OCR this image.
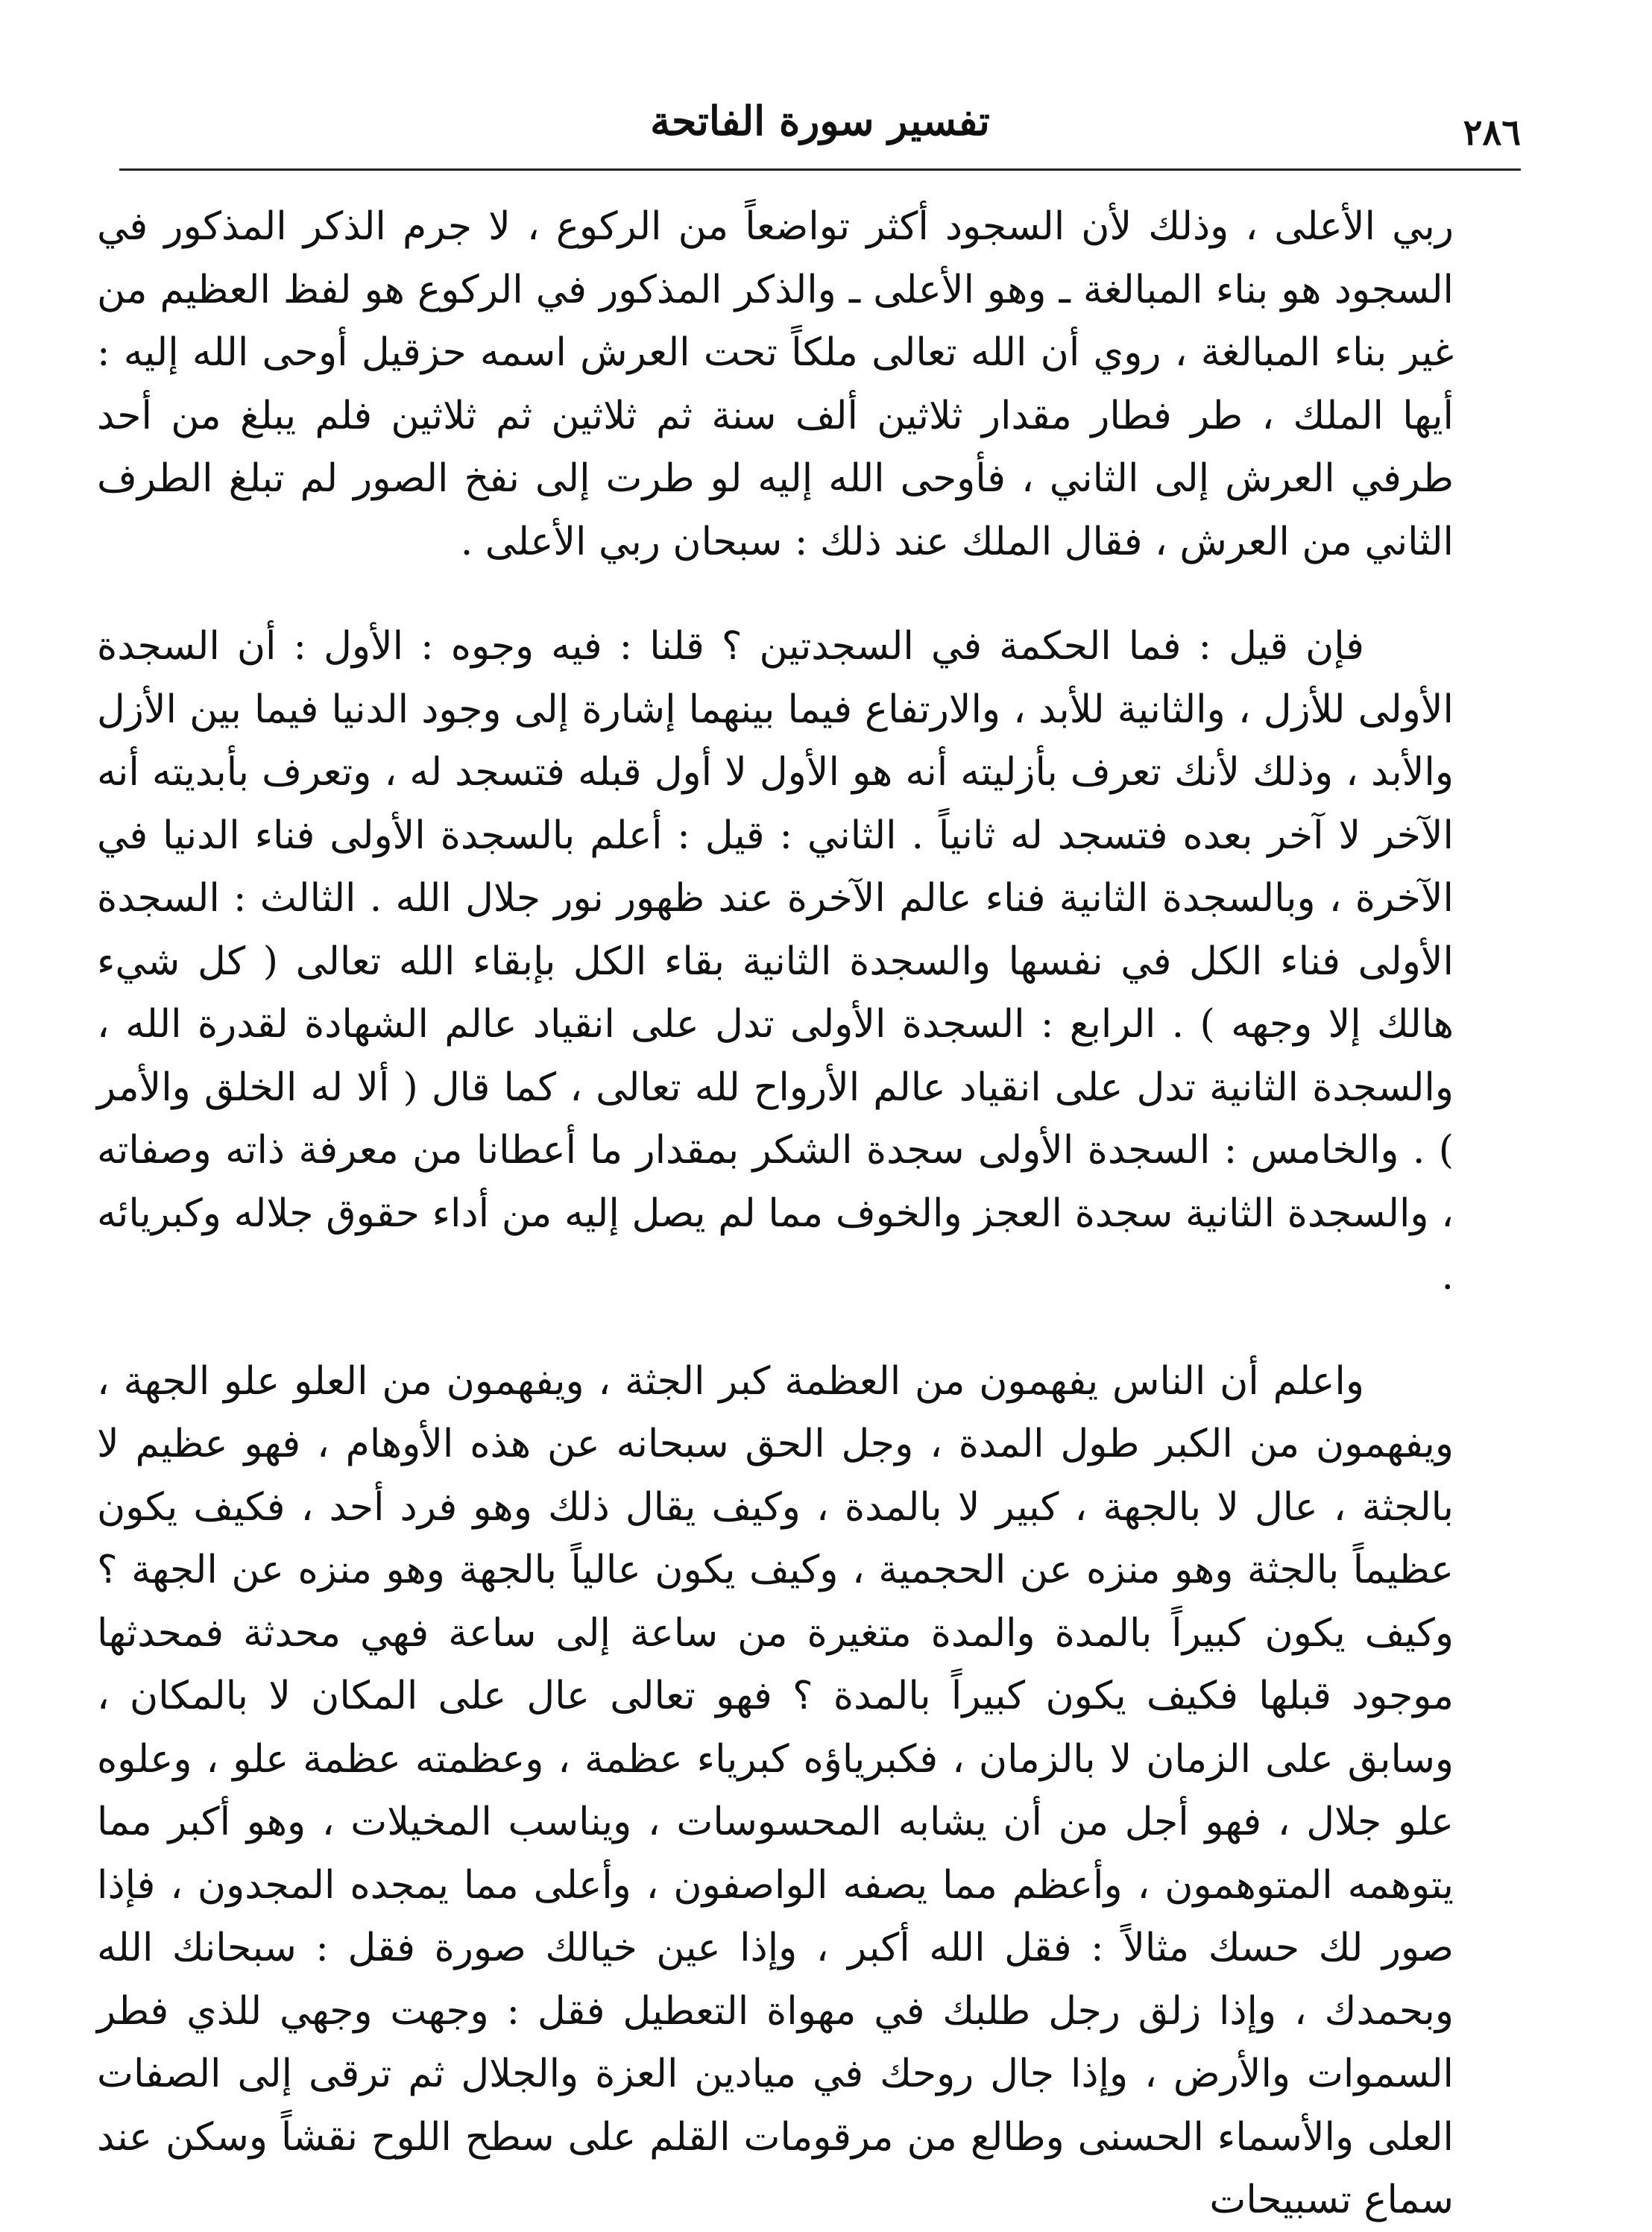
٢٨٦
تفسير سورة الفاتحة

ربي الأعلى ، وذلك لأن السجود أكثر تواضعاً من الركوع ، لا جرم الذكر المذكور في السجود هو بناء المبالغة ـ وهو الأعلى ـ والذكر المذكور في الركوع هو لفظ العظيم من غير بناء المبالغة ، روي أن الله تعالى ملكاً تحت العرش اسمه حزقيل أوحى الله إليه : أيها الملك ، طر فطار مقدار ثلاثين ألف سنة ثم ثلاثين ثم ثلاثين فلم يبلغ من أحد طرفي العرش إلى الثاني ، فأوحى الله إليه لو طرت إلى نفخ الصور لم تبلغ الطرف الثاني من العرش ، فقال الملك عند ذلك : سبحان ربي الأعلى .

فإن قيل : فما الحكمة في السجدتين ؟ قلنا : فيه وجوه : الأول : أن السجدة الأولى للأزل ، والثانية للأبد ، والارتفاع فيما بينهما إشارة إلى وجود الدنيا فيما بين الأزل والأبد ، وذلك لأنك تعرف بأزليته أنه هو الأول لا أول قبله فتسجد له ، وتعرف بأبديته أنه الآخر لا آخر بعده فتسجد له ثانياً . الثاني : قيل : أعلم بالسجدة الأولى فناء الدنيا في الآخرة ، وبالسجدة الثانية فناء عالم الآخرة عند ظهور نور جلال الله . الثالث : السجدة الأولى فناء الكل في نفسها والسجدة الثانية بقاء الكل بإبقاء الله تعالى ( كل شيء هالك إلا وجهه ) . الرابع : السجدة الأولى تدل على انقياد عالم الشهادة لقدرة الله ، والسجدة الثانية تدل على انقياد عالم الأرواح لله تعالى ، كما قال ( ألا له الخلق والأمر ) . والخامس : السجدة الأولى سجدة الشكر بمقدار ما أعطانا من معرفة ذاته وصفاته ، والسجدة الثانية سجدة العجز والخوف مما لم يصل إليه من أداء حقوق جلاله وكبريائه .

واعلم أن الناس يفهمون من العظمة كبر الجثة ، ويفهمون من العلو علو الجهة ، ويفهمون من الكبر طول المدة ، وجل الحق سبحانه عن هذه الأوهام ، فهو عظيم لا بالجثة ، عال لا بالجهة ، كبير لا بالمدة ، وكيف يقال ذلك وهو فرد أحد ، فكيف يكون عظيماً بالجثة وهو منزه عن الحجمية ، وكيف يكون عالياً بالجهة وهو منزه عن الجهة ؟ وكيف يكون كبيراً بالمدة والمدة متغيرة من ساعة إلى ساعة فهي محدثة فمحدثها موجود قبلها فكيف يكون كبيراً بالمدة ؟ فهو تعالى عال على المكان لا بالمكان ، وسابق على الزمان لا بالزمان ، فكبرياؤه كبرياء عظمة ، وعظمته عظمة علو ، وعلوه علو جلال ، فهو أجل من أن يشابه المحسوسات ، ويناسب المخيلات ، وهو أكبر مما يتوهمه المتوهمون ، وأعظم مما يصفه الواصفون ، وأعلى مما يمجده المجدون ، فإذا صور لك حسك مثالاً : فقل الله أكبر ، وإذا عين خيالك صورة فقل : سبحانك الله وبحمدك ، وإذا زلق رجل طلبك في مهواة التعطيل فقل : وجهت وجهي للذي فطر السموات والأرض ، وإذا جال روحك في ميادين العزة والجلال ثم ترقى إلى الصفات العلى والأسماء الحسنى وطالع من مرقومات القلم على سطح اللوح نقشاً وسكن عند سماع تسبيحات
